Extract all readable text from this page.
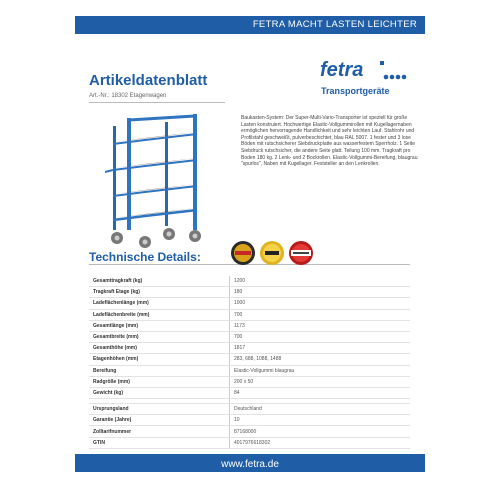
FETRA MACHT LASTEN LEICHTER
Artikeldatenblatt
Art.-Nr.: 18302 Etagenwagen
fetra
Transportgeräte

Baukasten-System: Der Super-Multi-Vario-Transporter ist speziell für große Lasten konstruiert. Hochwertige Elastic-Vollgummirollen mit Kugellagernaben ermöglichen hervorragende Handlichkeit und sehr leichten Lauf. Stahlrohr und Profilstahl geschweißt, pulverbeschichtet, blau RAL 5007. 1 fester und 3 lose Böden mit rutschsicherer Siebdruckplatte aus wasserfestem Sperrholz. 1 Seite Siebdruck rutschsicher, die andere Seite glatt. Teilung 100 mm. Tragkraft pro Boden 180 kg. 2 Lenk- und 2 Bockrollen. Elastic-Vollgummi-Bereifung, blaugrau "spurlos", Naben mit Kugellager. Feststeller an den Lenkrollen.

Technische Details:
Gesamttragkraft (kg)	1200
Tragkraft Etage (kg)	180
Ladeflächenlänge (mm)	1000
Ladeflächenbreite (mm)	700
Gesamtlänge (mm)	1173
Gesamtbreite (mm)	700
Gesamthöhe (mm)	1817
Etagenhöhen (mm)	283, 688, 1088, 1488
Bereifung	Elastic-Vollgummi blaugrau
Radgröße (mm)	200 x 50
Gewicht (kg)	84

Ursprungsland	Deutschland
Garantie (Jahre)	10
Zolltarifnummer	87168000
GTIN	4017976618302
www.fetra.de
